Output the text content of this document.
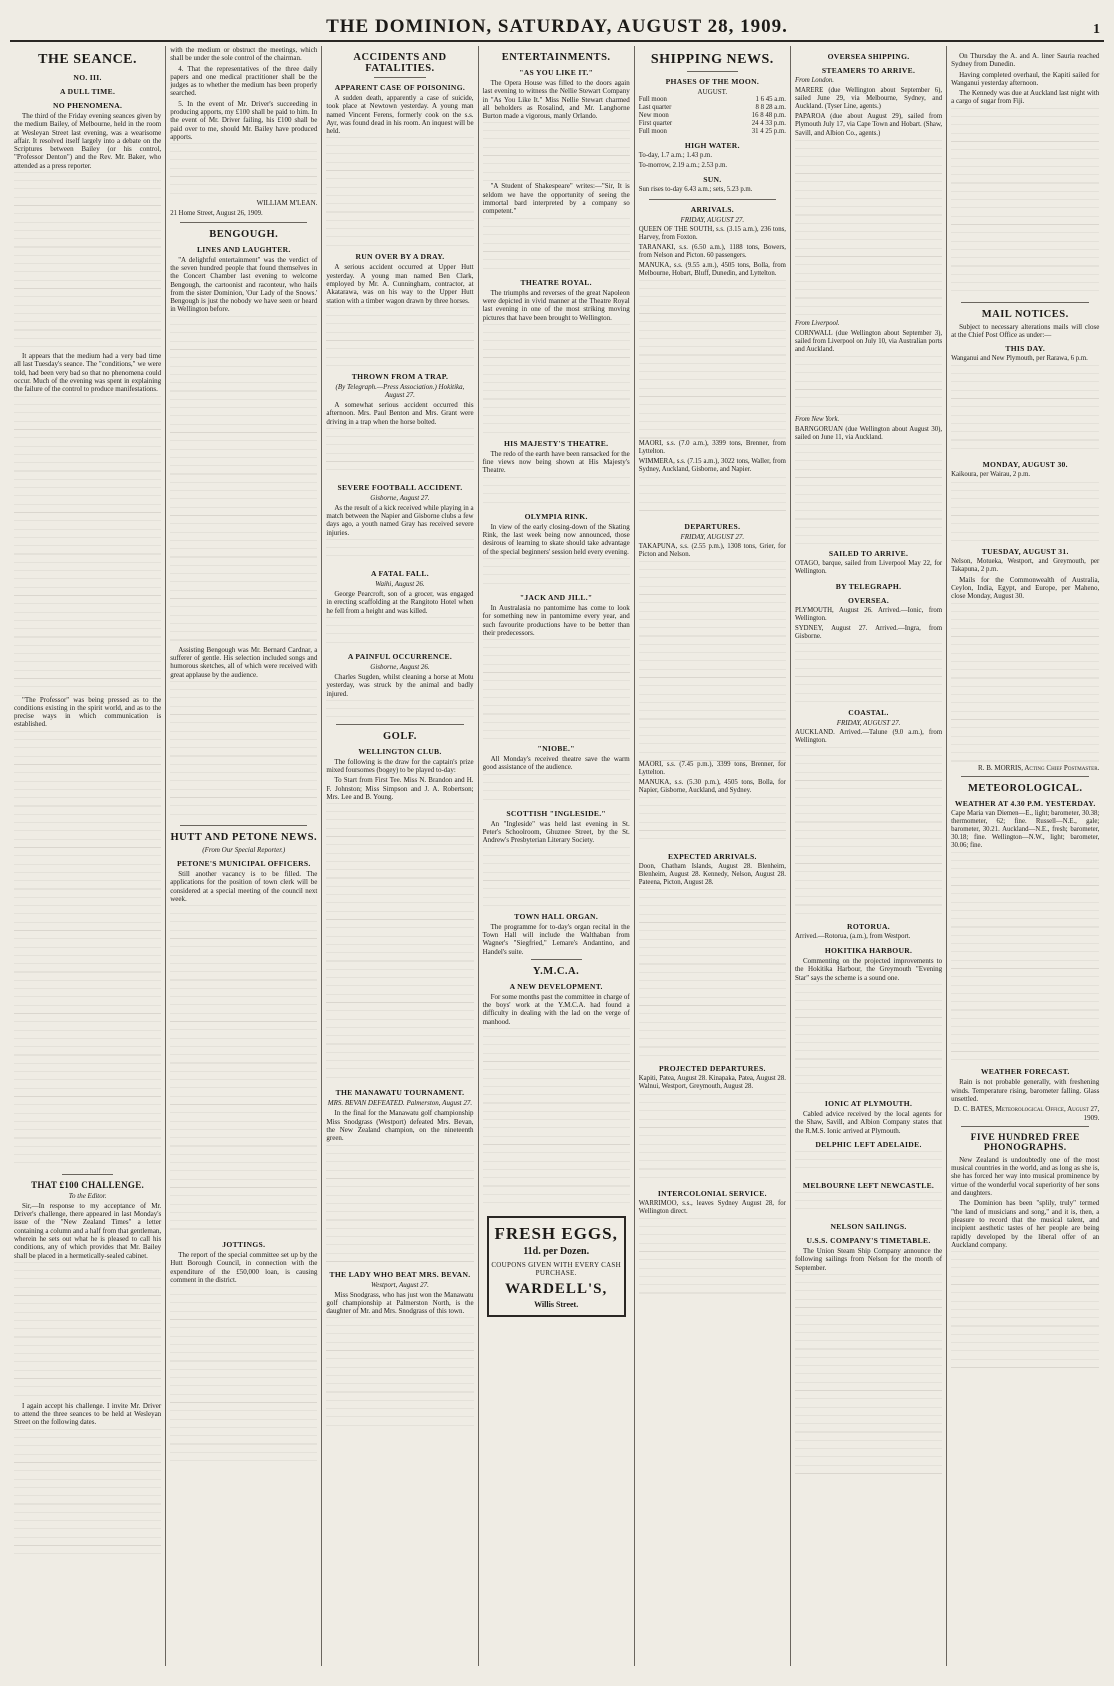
THE DOMINION, SATURDAY, AUGUST 28, 1909.	1
THE SEANCE.
NO. III.
A DULL TIME.
NO PHENOMENA.

The third of the Friday evening seances given by the medium Bailey, of Melbourne, held in the room at Wesleyan Street last evening, was a wearisome affair. It resolved itself largely into a debate on the Scriptures between Bailey (or his control, "Professor Denton") and the Rev. Mr. Baker, who attended as a press reporter.

It appears that the medium had a very bad time all last Tuesday's seance. The "conditions," we were told, had been very bad so that no phenomena could occur. Much of the evening was spent in explaining the failure of the control to produce manifestations.

"The Professor" was being pressed as to the conditions existing in the spirit world, and as to the precise ways in which communication is established.

THAT £100 CHALLENGE.
To the Editor.

Sir,—In response to my acceptance of Mr. Driver's challenge, there appeared in last Monday's issue of the "New Zealand Times" a letter containing a column and a half from that gentleman, wherein he sets out what he is pleased to call his conditions, any of which provides that Mr. Bailey shall be placed in a hermetically-sealed cabinet.

I again accept his challenge. I invite Mr. Driver to attend the three seances to be held at Wesleyan Street on the following dates.

with the medium or obstruct the meetings, which shall be under the sole control of the chairman.

4. That the representatives of the three daily papers and one medical practitioner shall be the judges as to whether the medium has been properly searched.

5. In the event of Mr. Driver's succeeding in producing apports, my £100 shall be paid to him. In the event of Mr. Driver failing, his £100 shall be paid over to me, should Mr. Bailey have produced apports.

WILLIAM M'LEAN.
21 Home Street, August 26, 1909.
BENGOUGH.
LINES AND LAUGHTER.

"A delightful entertainment" was the verdict of the seven hundred people that found themselves in the Concert Chamber last evening to welcome Bengough, the cartoonist and raconteur, who hails from the sister Dominion, 'Our Lady of the Snows.' Bengough is just the nobody we have seen or heard in Wellington before.

Assisting Bengough was Mr. Bernard Cardnar, a sufferer of gentle. His selection included songs and humorous sketches, all of which were received with great applause by the audience.

HUTT AND PETONE NEWS.
(From Our Special Reporter.)
PETONE'S MUNICIPAL OFFICERS.

Still another vacancy is to be filled. The applications for the position of town clerk will be considered at a special meeting of the council next week.

JOTTINGS.

The report of the special committee set up by the Hutt Borough Council, in connection with the expenditure of the £50,000 loan, is causing comment in the district.

ACCIDENTS AND FATALITIES.
APPARENT CASE OF POISONING.

A sudden death, apparently a case of suicide, took place at Newtown yesterday. A young man named Vincent Ferens, formerly cook on the s.s. Ayr, was found dead in his room. An inquest will be held.

RUN OVER BY A DRAY.

A serious accident occurred at Upper Hutt yesterday. A young man named Ben Clark, employed by Mr. A. Cunningham, contractor, at Akatarawa, was on his way to the Upper Hutt station with a timber wagon drawn by three horses.

THROWN FROM A TRAP.
(By Telegraph.—Press Association.) Hokitika, August 27.

A somewhat serious accident occurred this afternoon. Mrs. Paul Benton and Mrs. Grant were driving in a trap when the horse bolted.

SEVERE FOOTBALL ACCIDENT.
Gisborne, August 27.

As the result of a kick received while playing in a match between the Napier and Gisborne clubs a few days ago, a youth named Gray has received severe injuries.

A FATAL FALL.
Waihi, August 26.

George Pearcroft, son of a grocer, was engaged in erecting scaffolding at the Rangitoto Hotel when he fell from a height and was killed.

A PAINFUL OCCURRENCE.
Gisborne, August 26.

Charles Sugden, whilst cleaning a horse at Motu yesterday, was struck by the animal and badly injured.

GOLF.
WELLINGTON CLUB.

The following is the draw for the captain's prize mixed foursomes (bogey) to be played to-day:

To Start from First Tee. Miss N. Brandon and H. F. Johnston; Miss Simpson and J. A. Robertson; Mrs. Lee and B. Young.

THE MANAWATU TOURNAMENT.
MRS. BEVAN DEFEATED. Palmerston, August 27.

In the final for the Manawatu golf championship Miss Snodgrass (Westport) defeated Mrs. Bevan, the New Zealand champion, on the nineteenth green.

THE LADY WHO BEAT MRS. BEVAN.
Westport, August 27.

Miss Snodgrass, who has just won the Manawatu golf championship at Palmerston North, is the daughter of Mr. and Mrs. Snodgrass of this town.

ENTERTAINMENTS.
"AS YOU LIKE IT."

The Opera House was filled to the doors again last evening to witness the Nellie Stewart Company in "As You Like It." Miss Nellie Stewart charmed all beholders as Rosalind, and Mr. Langhorne Burton made a vigorous, manly Orlando.

"A Student of Shakespeare" writes:—"Sir, It is seldom we have the opportunity of seeing the immortal bard interpreted by a company so competent."

THEATRE ROYAL.

The triumphs and reverses of the great Napoleon were depicted in vivid manner at the Theatre Royal last evening in one of the most striking moving pictures that have been brought to Wellington.

HIS MAJESTY'S THEATRE.

The redo of the earth have been ransacked for the fine views now being shown at His Majesty's Theatre.

OLYMPIA RINK.

In view of the early closing-down of the Skating Rink, the last week being now announced, those desirous of learning to skate should take advantage of the special beginners' session held every evening.

"JACK AND JILL."

In Australasia no pantomime has come to look for something new in pantomime every year, and such favourite productions have to be better than their predecessors.

"NIOBE."

All Monday's received theatre save the warm good assistance of the audience.

SCOTTISH "INGLESIDE."

An "Ingleside" was held last evening in St. Peter's Schoolroom, Ghuznee Street, by the St. Andrew's Presbyterian Literary Society.

TOWN HALL ORGAN.

The programme for to-day's organ recital in the Town Hall will include the Walthaban from Wagner's "Siegfried," Lemare's Andantino, and Handel's suite.

Y.M.C.A.
A NEW DEVELOPMENT.

For some months past the committee in charge of the boys' work at the Y.M.C.A. had found a difficulty in dealing with the lad on the verge of manhood.

FRESH EGGS,
11d. per Dozen.
COUPONS GIVEN WITH EVERY CASH PURCHASE.
WARDELL'S,
Willis Street.
SHIPPING NEWS.
PHASES OF THE MOON.
AUGUST.
Full moon	1 6 45 a.m.
Last quarter	8 8 28 a.m.
New moon	16 8 48 p.m.
First quarter	24 4 33 p.m.
Full moon	31 4 25 p.m.
HIGH WATER.
To-day, 1.7 a.m.; 1.43 p.m.
To-morrow, 2.19 a.m.; 2.53 p.m.
SUN.
Sun rises to-day 6.43 a.m.; sets, 5.23 p.m.
ARRIVALS.
FRIDAY, AUGUST 27.

QUEEN OF THE SOUTH, s.s. (3.15 a.m.), 236 tons, Harvey, from Foxton.

TARANAKI, s.s. (6.50 a.m.), 1188 tons, Bowers, from Nelson and Picton. 60 passengers.

MANUKA, s.s. (9.55 a.m.), 4505 tons, Bolla, from Melbourne, Hobart, Bluff, Dunedin, and Lyttelton.

MAORI, s.s. (7.0 a.m.), 3399 tons, Brenner, from Lyttelton.

WIMMERA, s.s. (7.15 a.m.), 3022 tons, Waller, from Sydney, Auckland, Gisborne, and Napier.

DEPARTURES.
FRIDAY, AUGUST 27.

TAKAPUNA, s.s. (2.55 p.m.), 1308 tons, Grier, for Picton and Nelson.

MAORI, s.s. (7.45 p.m.), 3399 tons, Brenner, for Lyttelton.

MANUKA, s.s. (5.30 p.m.), 4505 tons, Bolla, for Napier, Gisborne, Auckland, and Sydney.

EXPECTED ARRIVALS.

Doon, Chatham Islands, August 28. Blenheim, Blenheim, August 28. Kennedy, Nelson, August 28. Pateena, Picton, August 28.

PROJECTED DEPARTURES.

Kapiti, Patea, August 28. Kinapaka, Patea, August 28. Walnui, Westport, Greymouth, August 28.

INTERCOLONIAL SERVICE.

WARRIMOO, s.s., leaves Sydney August 28, for Wellington direct.

OVERSEA SHIPPING.
STEAMERS TO ARRIVE.
From London.

MARERE (due Wellington about September 6), sailed June 29, via Melbourne, Sydney, and Auckland. (Tyser Line, agents.)

PAPAROA (due about August 29), sailed from Plymouth July 17, via Cape Town and Hobart. (Shaw, Savill, and Albion Co., agents.)

From Liverpool.

CORNWALL (due Wellington about September 3), sailed from Liverpool on July 10, via Australian ports and Auckland.

From New York.

BARNGORUAN (due Wellington about August 30), sailed on June 11, via Auckland.

SAILED TO ARRIVE.

OTAGO, barque, sailed from Liverpool May 22, for Wellington.

BY TELEGRAPH.
OVERSEA.

PLYMOUTH, August 26. Arrived.—Ionic, from Wellington.

SYDNEY, August 27. Arrived.—Ingra, from Gisborne.

COASTAL.
FRIDAY, AUGUST 27.

AUCKLAND. Arrived.—Talune (9.0 a.m.), from Wellington.

ROTORUA.

Arrived.—Rotorua, (a.m.), from Westport.

HOKITIKA HARBOUR.

Commenting on the projected improvements to the Hokitika Harbour, the Greymouth "Evening Star" says the scheme is a sound one.

IONIC AT PLYMOUTH.

Cabled advice received by the local agents for the Shaw, Savill, and Albion Company states that the R.M.S. Ionic arrived at Plymouth.

DELPHIC LEFT ADELAIDE.
MELBOURNE LEFT NEWCASTLE.
NELSON SAILINGS.
U.S.S. COMPANY'S TIMETABLE.

The Union Steam Ship Company announce the following sailings from Nelson for the month of September.

On Thursday the A. and A. liner Sauria reached Sydney from Dunedin.

Having completed overhaul, the Kapiti sailed for Wanganui yesterday afternoon.

The Kennedy was due at Auckland last night with a cargo of sugar from Fiji.

MAIL NOTICES.

Subject to necessary alterations mails will close at the Chief Post Office as under:—

THIS DAY.

Wanganui and New Plymouth, per Rarawa, 6 p.m.

MONDAY, AUGUST 30.

Kaikoura, per Wairau, 2 p.m.

TUESDAY, AUGUST 31.

Nelson, Motueka, Westport, and Greymouth, per Takapuna, 2 p.m.

Mails for the Commonwealth of Australia, Ceylon, India, Egypt, and Europe, per Maheno, close Monday, August 30.

R. B. MORRIS, Acting Chief Postmaster.
METEOROLOGICAL.
WEATHER AT 4.30 P.M. YESTERDAY.

Cape Maria van Diemen—E., light; barometer, 30.38; thermometer, 62; fine. Russell—N.E., gale; barometer, 30.21. Auckland—N.E., fresh; barometer, 30.18; fine. Wellington—N.W., light; barometer, 30.06; fine.

WEATHER FORECAST.

Rain is not probable generally, with freshening winds. Temperature rising, barometer falling. Glass unsettled.

D. C. BATES, Meteorological Office, August 27, 1909.
FIVE HUNDRED FREE PHONOGRAPHS.

New Zealand is undoubtedly one of the most musical countries in the world, and as long as she is, she has forced her way into musical prominence by virtue of the wonderful vocal superiority of her sons and daughters.

The Dominion has been "splily, truly" termed "the land of musicians and song," and it is, then, a pleasure to record that the musical talent, and incipient aesthetic tastes of her people are being rapidly developed by the liberal offer of an Auckland company.
